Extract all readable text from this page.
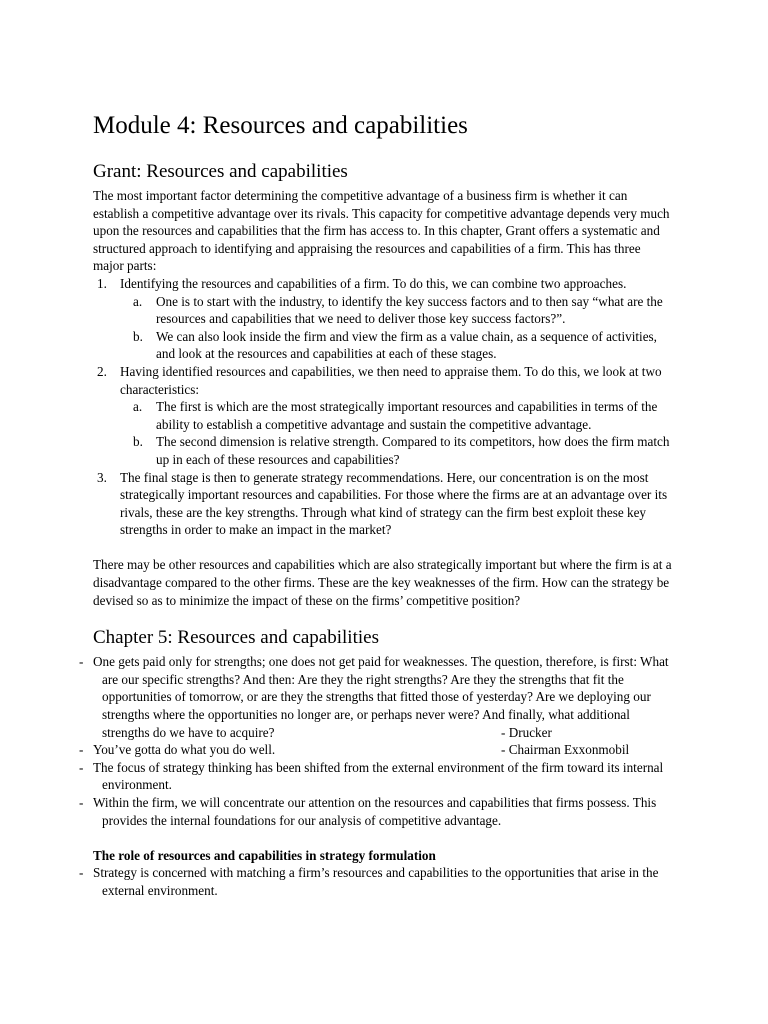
Module 4: Resources and capabilities
Grant: Resources and capabilities

The most important factor determining the competitive advantage of a business firm is whether it can establish a competitive advantage over its rivals. This capacity for competitive advantage depends very much upon the resources and capabilities that the firm has access to. In this chapter, Grant offers a systematic and structured approach to identifying and appraising the resources and capabilities of a firm. This has three major parts:

1. Identifying the resources and capabilities of a firm. To do this, we can combine two approaches.
a. One is to start with the industry, to identify the key success factors and to then say “what are the resources and capabilities that we need to deliver those key success factors?”.
b. We can also look inside the firm and view the firm as a value chain, as a sequence of activities, and look at the resources and capabilities at each of these stages.
2. Having identified resources and capabilities, we then need to appraise them. To do this, we look at two characteristics:
a. The first is which are the most strategically important resources and capabilities in terms of the ability to establish a competitive advantage and sustain the competitive advantage.
b. The second dimension is relative strength. Compared to its competitors, how does the firm match up in each of these resources and capabilities?
3. The final stage is then to generate strategy recommendations. Here, our concentration is on the most strategically important resources and capabilities. For those where the firms are at an advantage over its rivals, these are the key strengths. Through what kind of strategy can the firm best exploit these key strengths in order to make an impact in the market?

There may be other resources and capabilities which are also strategically important but where the firm is at a disadvantage compared to the other firms. These are the key weaknesses of the firm. How can the strategy be devised so as to minimize the impact of these on the firms’ competitive position?

Chapter 5: Resources and capabilities
- One gets paid only for strengths; one does not get paid for weaknesses. The question, therefore, is first: What are our specific strengths? And then: Are they the right strengths? Are they the strengths that fit the opportunities of tomorrow, or are they the strengths that fitted those of yesterday? Are we deploying our strengths where the opportunities no longer are, or perhaps never were? And finally, what additional strengths do we have to acquire?	- Drucker
- You’ve gotta do what you do well.	- Chairman Exxonmobil
- The focus of strategy thinking has been shifted from the external environment of the firm toward its internal environment.
- Within the firm, we will concentrate our attention on the resources and capabilities that firms possess. This provides the internal foundations for our analysis of competitive advantage.

The role of resources and capabilities in strategy formulation

- Strategy is concerned with matching a firm’s resources and capabilities to the opportunities that arise in the external environment.
